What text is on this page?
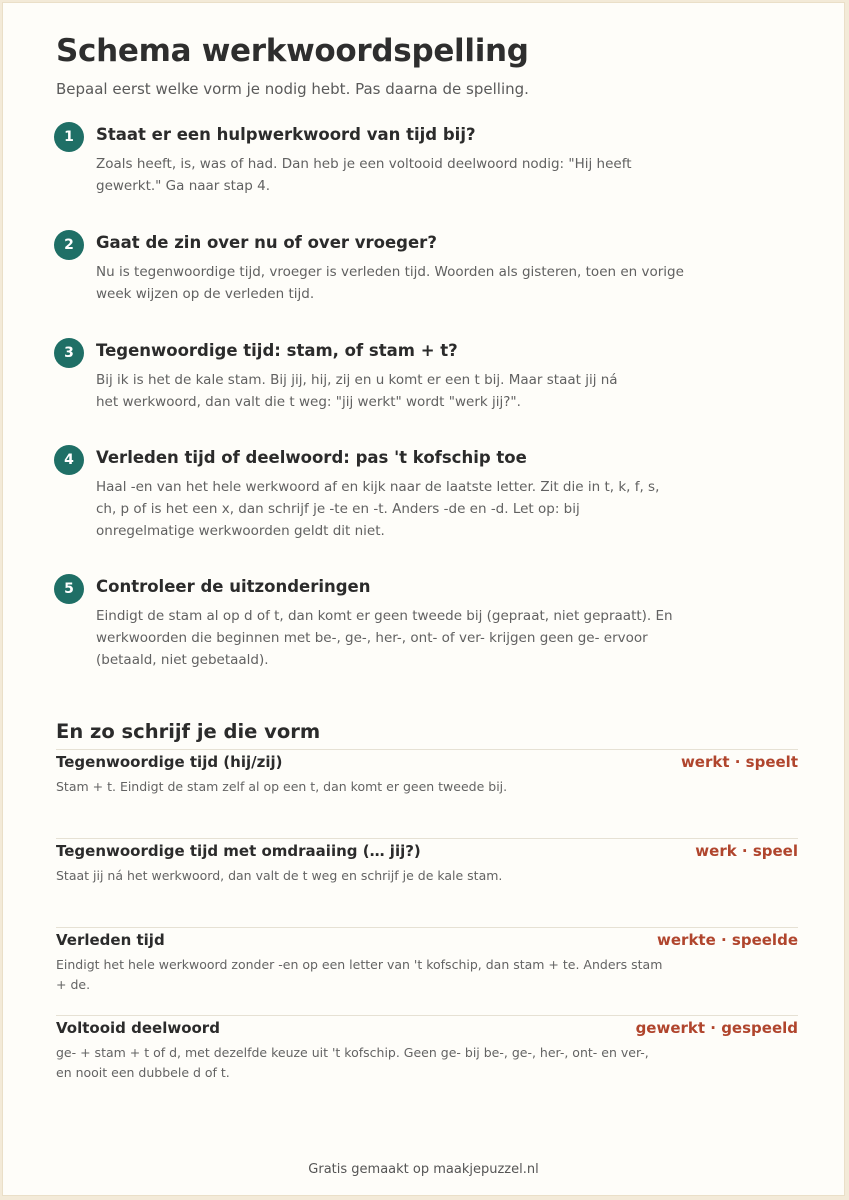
Schema werkwoordspelling

Bepaal eerst welke vorm je nodig hebt. Pas daarna de spelling.

1	Staat er een hulpwerkwoord van tijd bij?

Zoals heeft, is, was of had. Dan heb je een voltooid deelwoord nodig: "Hij heeft
gewerkt." Ga naar stap 4.

2	Gaat de zin over nu of over vroeger?

Nu is tegenwoordige tijd, vroeger is verleden tijd. Woorden als gisteren, toen en vorige
week wijzen op de verleden tijd.

3	Tegenwoordige tijd: stam, of stam + t?

Bij ik is het de kale stam. Bij jij, hij, zij en u komt er een t bij. Maar staat jij ná
het werkwoord, dan valt die t weg: "jij werkt" wordt "werk jij?".

4	Verleden tijd of deelwoord: pas 't kofschip toe

Haal -en van het hele werkwoord af en kijk naar de laatste letter. Zit die in t, k, f, s,
ch, p of is het een x, dan schrijf je -te en -t. Anders -de en -d. Let op: bij
onregelmatige werkwoorden geldt dit niet.

5	Controleer de uitzonderingen

Eindigt de stam al op d of t, dan komt er geen tweede bij (gepraat, niet gepraatt). En
werkwoorden die beginnen met be-, ge-, her-, ont- of ver- krijgen geen ge- ervoor
(betaald, niet gebetaald).

En zo schrijf je die vorm
Tegenwoordige tijd (hij/zij)	werkt · speelt
Stam + t. Eindigt de stam zelf al op een t, dan komt er geen tweede bij.
Tegenwoordige tijd met omdraaiing (… jij?)	werk · speel
Staat jij ná het werkwoord, dan valt de t weg en schrijf je de kale stam.
Verleden tijd	werkte · speelde
Eindigt het hele werkwoord zonder -en op een letter van 't kofschip, dan stam + te. Anders stam + de.
Voltooid deelwoord	gewerkt · gespeeld
ge- + stam + t of d, met dezelfde keuze uit 't kofschip. Geen ge- bij be-, ge-, her-, ont- en ver-,
en nooit een dubbele d of t.
Gratis gemaakt op maakjepuzzel.nl
